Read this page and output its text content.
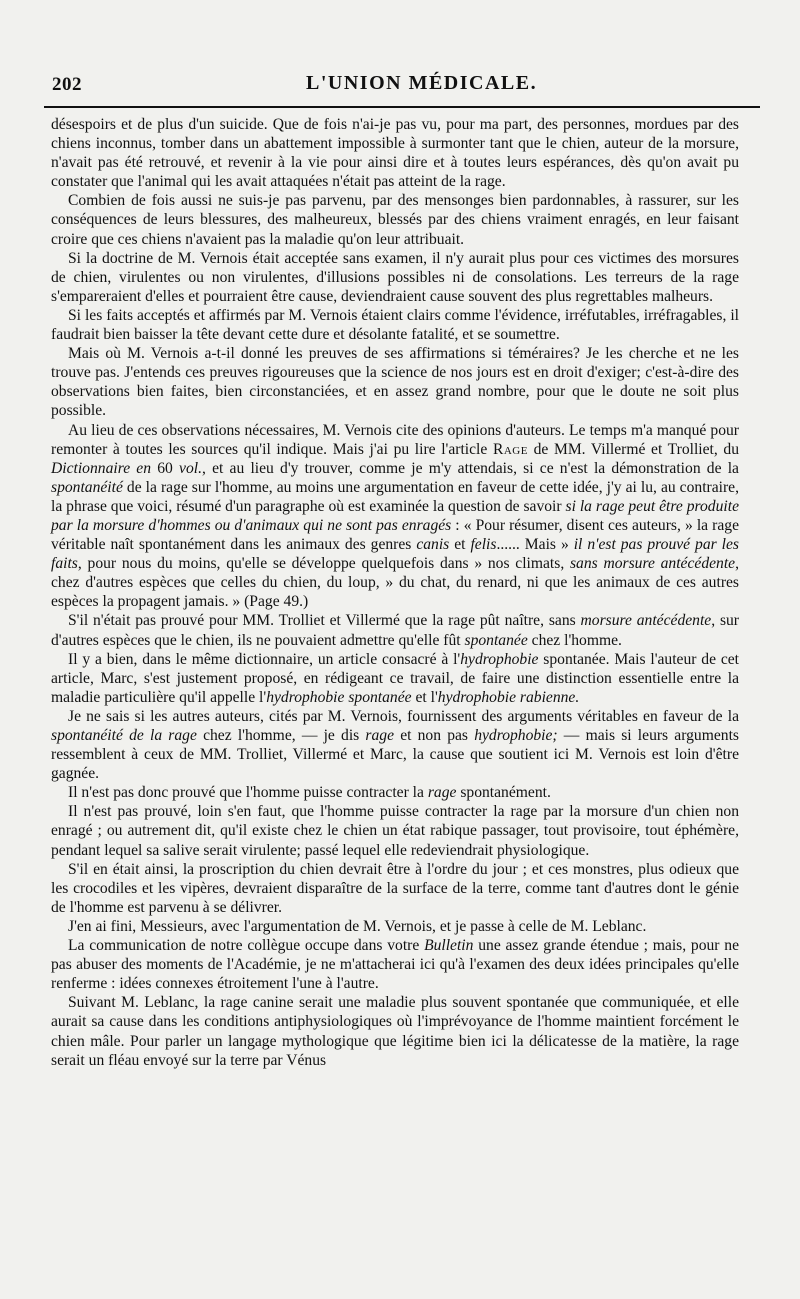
202	L'UNION MÉDICALE.

désespoirs et de plus d'un suicide. Que de fois n'ai-je pas vu, pour ma part, des personnes, mordues par des chiens inconnus, tomber dans un abattement impossible à surmonter tant que le chien, auteur de la morsure, n'avait pas été retrouvé, et revenir à la vie pour ainsi dire et à toutes leurs espérances, dès qu'on avait pu constater que l'animal qui les avait attaquées n'était pas atteint de la rage.

Combien de fois aussi ne suis-je pas parvenu, par des mensonges bien pardonnables, à rassurer, sur les conséquences de leurs blessures, des malheureux, blessés par des chiens vraiment enragés, en leur faisant croire que ces chiens n'avaient pas la maladie qu'on leur attribuait.

Si la doctrine de M. Vernois était acceptée sans examen, il n'y aurait plus pour ces victimes des morsures de chien, virulentes ou non virulentes, d'illusions possibles ni de consolations. Les terreurs de la rage s'empareraient d'elles et pourraient être cause, deviendraient cause souvent des plus regrettables malheurs.

Si les faits acceptés et affirmés par M. Vernois étaient clairs comme l'évidence, irréfutables, irréfragables, il faudrait bien baisser la tête devant cette dure et désolante fatalité, et se soumettre.

Mais où M. Vernois a-t-il donné les preuves de ses affirmations si téméraires? Je les cherche et ne les trouve pas. J'entends ces preuves rigoureuses que la science de nos jours est en droit d'exiger; c'est-à-dire des observations bien faites, bien circonstanciées, et en assez grand nombre, pour que le doute ne soit plus possible.

Au lieu de ces observations nécessaires, M. Vernois cite des opinions d'auteurs. Le temps m'a manqué pour remonter à toutes les sources qu'il indique. Mais j'ai pu lire l'article Rage de MM. Villermé et Trolliet, du Dictionnaire en 60 vol., et au lieu d'y trouver, comme je m'y attendais, si ce n'est la démonstration de la spontanéité de la rage sur l'homme, au moins une argumentation en faveur de cette idée, j'y ai lu, au contraire, la phrase que voici, résumé d'un paragraphe où est examinée la question de savoir si la rage peut être produite par la morsure d'hommes ou d'animaux qui ne sont pas enragés : « Pour résumer, disent ces auteurs, » la rage véritable naît spontanément dans les animaux des genres canis et felis...... Mais » il n'est pas prouvé par les faits, pour nous du moins, qu'elle se développe quelquefois dans » nos climats, sans morsure antécédente, chez d'autres espèces que celles du chien, du loup, » du chat, du renard, ni que les animaux de ces autres espèces la propagent jamais. » (Page 49.)

S'il n'était pas prouvé pour MM. Trolliet et Villermé que la rage pût naître, sans morsure antécédente, sur d'autres espèces que le chien, ils ne pouvaient admettre qu'elle fût spontanée chez l'homme.

Il y a bien, dans le même dictionnaire, un article consacré à l'hydrophobie spontanée. Mais l'auteur de cet article, Marc, s'est justement proposé, en rédigeant ce travail, de faire une distinction essentielle entre la maladie particulière qu'il appelle l'hydrophobie spontanée et l'hydrophobie rabienne.

Je ne sais si les autres auteurs, cités par M. Vernois, fournissent des arguments véritables en faveur de la spontanéité de la rage chez l'homme, — je dis rage et non pas hydrophobie; — mais si leurs arguments ressemblent à ceux de MM. Trolliet, Villermé et Marc, la cause que soutient ici M. Vernois est loin d'être gagnée.

Il n'est pas donc prouvé que l'homme puisse contracter la rage spontanément.

Il n'est pas prouvé, loin s'en faut, que l'homme puisse contracter la rage par la morsure d'un chien non enragé ; ou autrement dit, qu'il existe chez le chien un état rabique passager, tout provisoire, tout éphémère, pendant lequel sa salive serait virulente; passé lequel elle redeviendrait physiologique.

S'il en était ainsi, la proscription du chien devrait être à l'ordre du jour ; et ces monstres, plus odieux que les crocodiles et les vipères, devraient disparaître de la surface de la terre, comme tant d'autres dont le génie de l'homme est parvenu à se délivrer.

J'en ai fini, Messieurs, avec l'argumentation de M. Vernois, et je passe à celle de M. Leblanc.

La communication de notre collègue occupe dans votre Bulletin une assez grande étendue ; mais, pour ne pas abuser des moments de l'Académie, je ne m'attacherai ici qu'à l'examen des deux idées principales qu'elle renferme : idées connexes étroitement l'une à l'autre.

Suivant M. Leblanc, la rage canine serait une maladie plus souvent spontanée que communiquée, et elle aurait sa cause dans les conditions antiphysiologiques où l'imprévoyance de l'homme maintient forcément le chien mâle. Pour parler un langage mythologique que légitime bien ici la délicatesse de la matière, la rage serait un fléau envoyé sur la terre par Vénus
